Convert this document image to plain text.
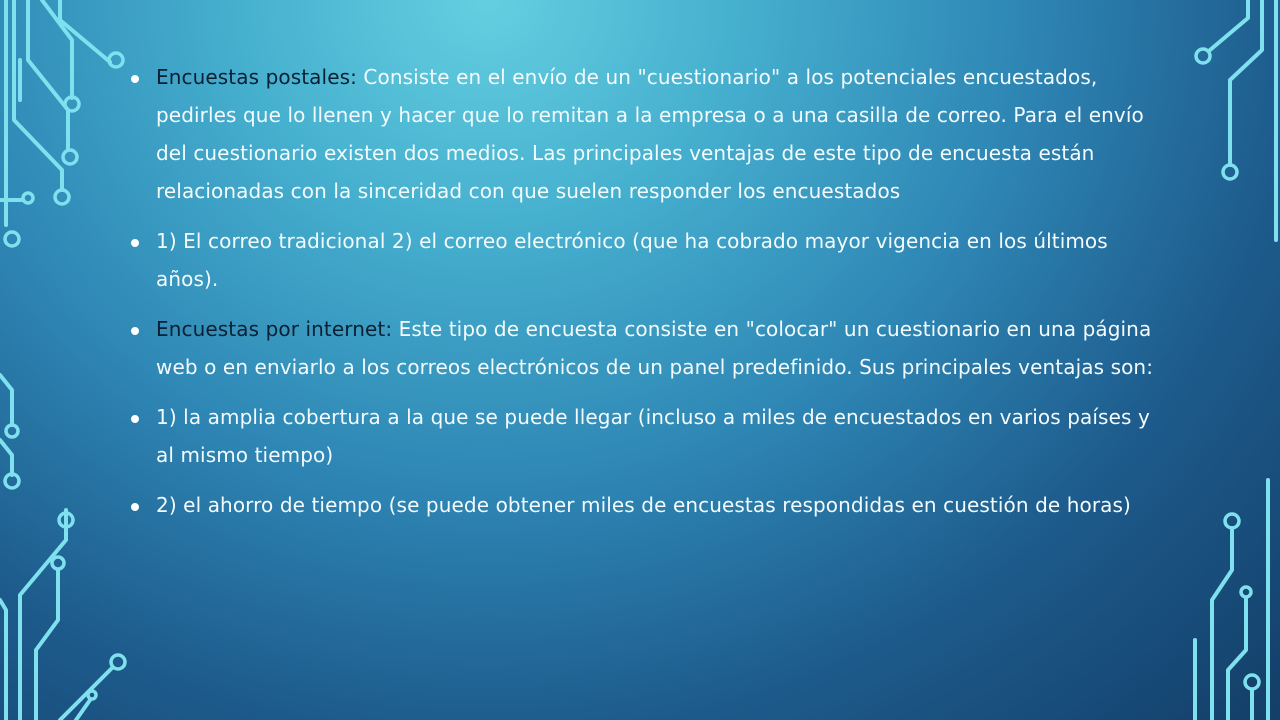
Encuestas postales: Consiste en el envío de un "cuestionario" a los potenciales encuestados, pedirles que lo llenen y hacer que lo remitan a la empresa o a una casilla de correo. Para el envío del cuestionario existen dos medios. Las principales ventajas de este tipo de encuesta están relacionadas con la sinceridad con que suelen responder los encuestados
1) El correo tradicional 2) el correo electrónico (que ha cobrado mayor vigencia en los últimos años).
Encuestas por internet: Este tipo de encuesta consiste en "colocar" un cuestionario en una página web o en enviarlo a los correos electrónicos de un panel predefinido. Sus principales ventajas son:
1) la amplia cobertura a la que se puede llegar (incluso a miles de encuestados en varios países y al mismo tiempo)
2) el ahorro de tiempo (se puede obtener miles de encuestas respondidas en cuestión de horas)
